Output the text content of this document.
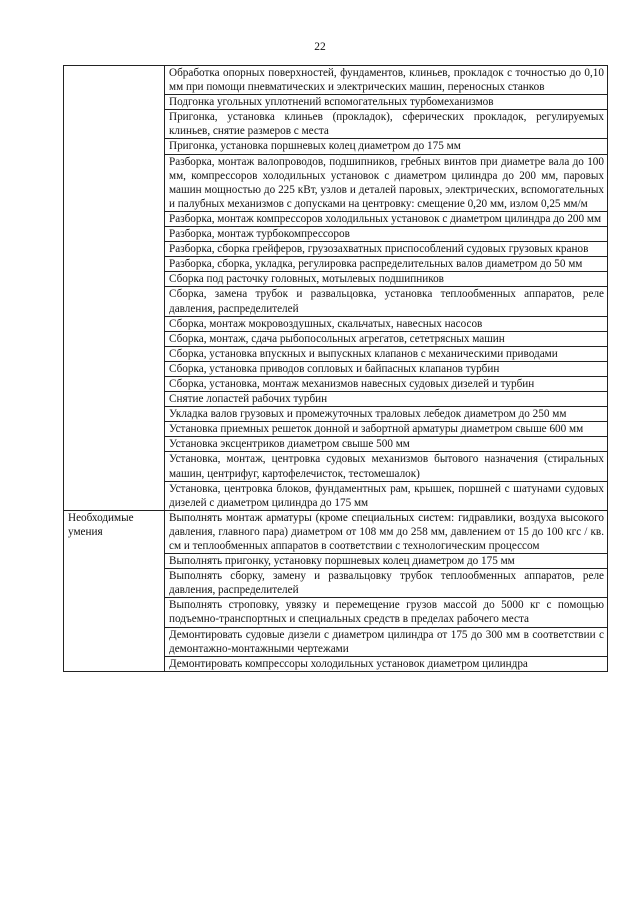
22
	Обработка опорных поверхностей, фундаментов, клиньев, прокладок с точностью до 0,10 мм при помощи пневматических и электрических машин, переносных станков
	Подгонка угольных уплотнений вспомогательных турбомеханизмов
	Пригонка, установка клиньев (прокладок), сферических прокладок, регулируемых клиньев, снятие размеров с места
	Пригонка, установка поршневых колец диаметром до 175 мм
	Разборка, монтаж валопроводов, подшипников, гребных винтов при диаметре вала до 100 мм, компрессоров холодильных установок с диаметром цилиндра до 200 мм, паровых машин мощностью до 225 кВт, узлов и деталей паровых, электрических, вспомогательных и палубных механизмов с допусками на центровку: смещение 0,20 мм, излом 0,25 мм/м
	Разборка, монтаж компрессоров холодильных установок с диаметром цилиндра до 200 мм
	Разборка, монтаж турбокомпрессоров
	Разборка, сборка грейферов, грузозахватных приспособлений судовых грузовых кранов
	Разборка, сборка, укладка, регулировка распределительных валов диаметром до 50 мм
	Сборка под расточку головных, мотылевых подшипников
	Сборка, замена трубок и развальцовка, установка теплообменных аппаратов, реле давления, распределителей
	Сборка, монтаж мокровоздушных, скальчатых, навесных насосов
	Сборка, монтаж, сдача рыбопосольных агрегатов, сететрясных машин
	Сборка, установка впускных и выпускных клапанов с механическими приводами
	Сборка, установка приводов сопловых и байпасных клапанов турбин
	Сборка, установка, монтаж механизмов навесных судовых дизелей и турбин
	Снятие лопастей рабочих турбин
	Укладка валов грузовых и промежуточных траловых лебедок диаметром до 250 мм
	Установка приемных решеток донной и забортной арматуры диаметром свыше 600 мм
	Установка эксцентриков диаметром свыше 500 мм
	Установка, монтаж, центровка судовых механизмов бытового назначения (стиральных машин, центрифуг, картофелечисток, тестомешалок)
	Установка, центровка блоков, фундаментных рам, крышек, поршней с шатунами судовых дизелей с диаметром цилиндра до 175 мм
Необходимые умения	Выполнять монтаж арматуры (кроме специальных систем: гидравлики, воздуха высокого давления, главного пара) диаметром от 108 мм до 258 мм, давлением от 15 до 100 кгс / кв. см и теплообменных аппаратов в соответствии с технологическим процессом
	Выполнять пригонку, установку поршневых колец диаметром до 175 мм
	Выполнять сборку, замену и развальцовку трубок теплообменных аппаратов, реле давления, распределителей
	Выполнять строповку, увязку и перемещение грузов массой до 5000 кг с помощью подъемно-транспортных и специальных средств в пределах рабочего места
	Демонтировать судовые дизели с диаметром цилиндра от 175 до 300 мм в соответствии с демонтажно-монтажными чертежами
	Демонтировать компрессоры холодильных установок диаметром цилиндра
